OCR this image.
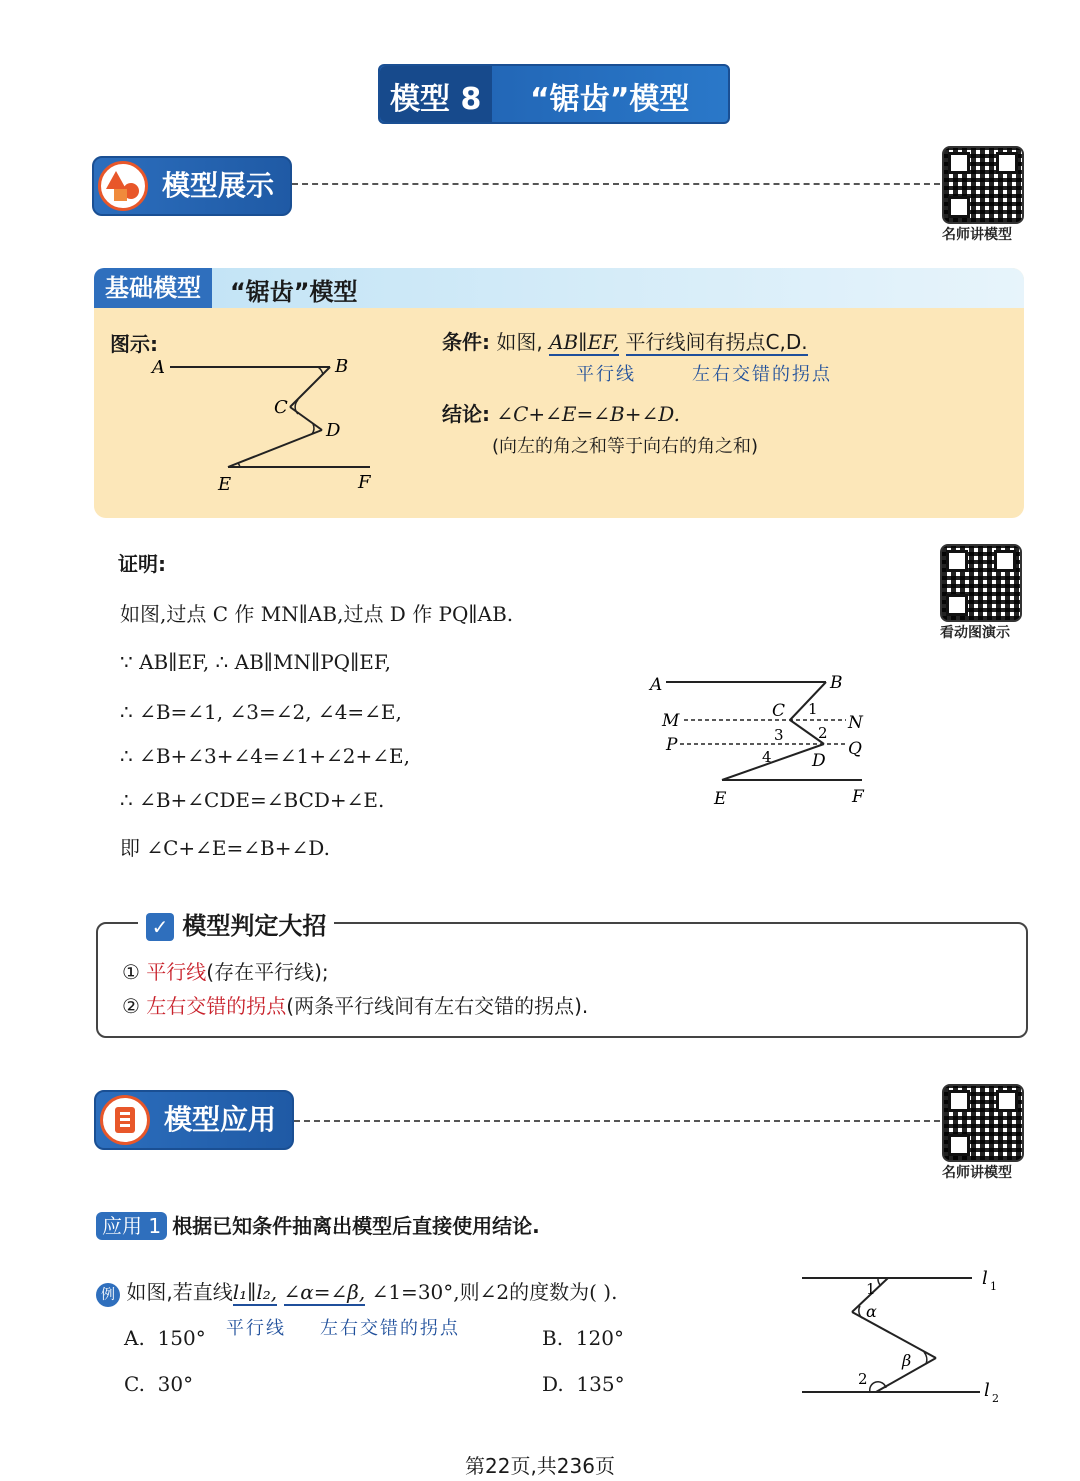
模型 8 “锯齿”模型
模型展示
名师讲模型
基础模型	“锯齿”模型
图示:
A	B
C
D
E	F
条件: 如图, AB∥EF, 平行线间有拐点C,D.
平行线	左右交错的拐点
结论: ∠C+∠E=∠B+∠D.
(向左的角之和等于向右的角之和)
证明:
看动图演示
如图,过点 C 作 MN∥AB,过点 D 作 PQ∥AB.
∵ AB∥EF, ∴ AB∥MN∥PQ∥EF,
∴ ∠B=∠1, ∠3=∠2, ∠4=∠E,
∴ ∠B+∠3+∠4=∠1+∠2+∠E,
∴ ∠B+∠CDE=∠BCD+∠E.
即 ∠C+∠E=∠B+∠D.
A	B
C
D
E	F
M	N
P	Q
1
2
3
4
✓ 模型判定大招
① 平行线(存在平行线);
② 左右交错的拐点(两条平行线间有左右交错的拐点).
模型应用
名师讲模型
应用 1 根据已知条件抽离出模型后直接使用结论.
例 如图,若直线l₁∥l₂, ∠α=∠β, ∠1=30°,则∠2的度数为( ).
平行线 左右交错的拐点
A. 150°	B. 120°
C. 30°	D. 135°
l 1
l 2
1
2
α
β
第22页,共236页
